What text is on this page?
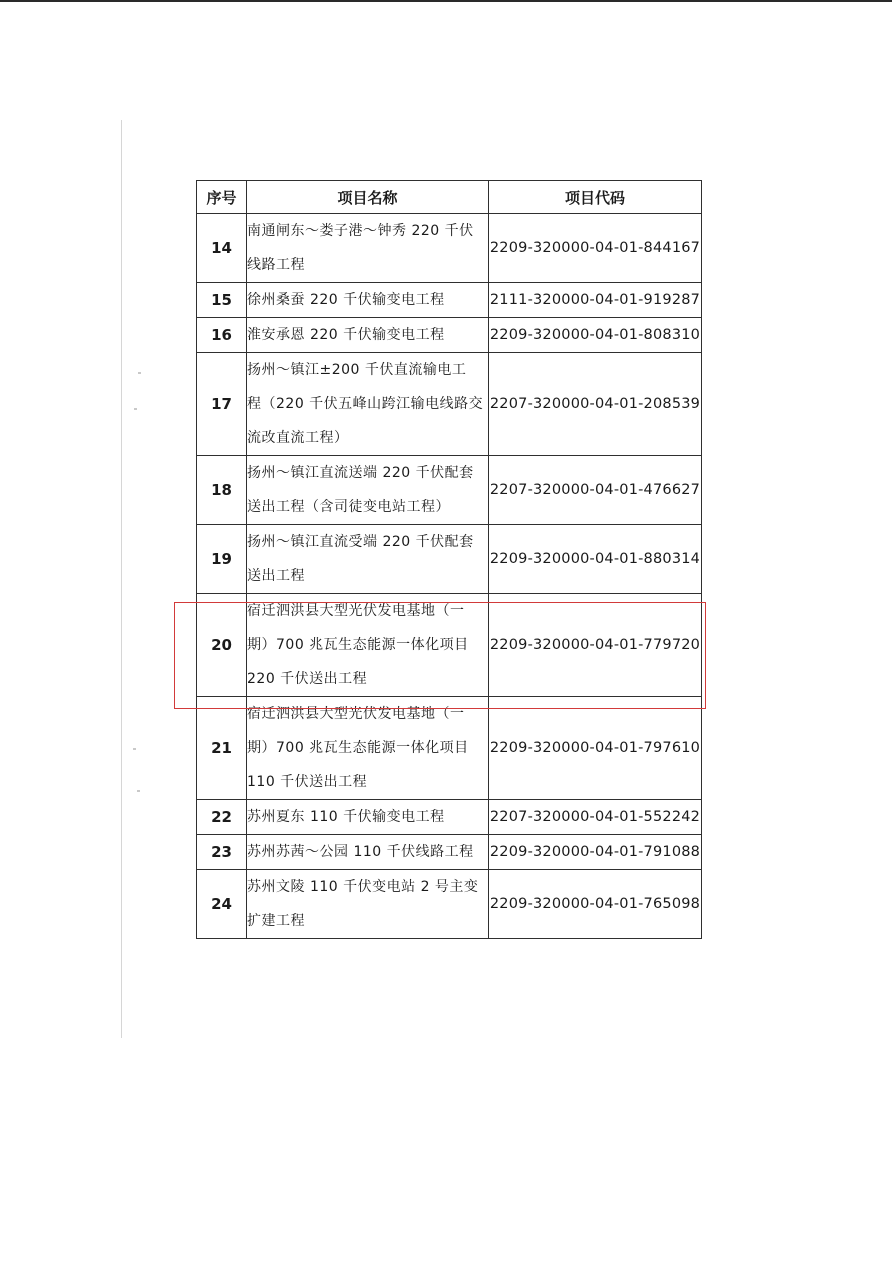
序号	项目名称	项目代码
14	南通闸东～娄子港～钟秀 220 千伏
线路工程	2209-320000-04-01-844167
15	徐州桑蚕 220 千伏输变电工程	2111-320000-04-01-919287
16	淮安承恩 220 千伏输变电工程	2209-320000-04-01-808310
17	扬州～镇江±200 千伏直流输电工
程（220 千伏五峰山跨江输电线路交
流改直流工程）	2207-320000-04-01-208539
18	扬州～镇江直流送端 220 千伏配套
送出工程（含司徒变电站工程）	2207-320000-04-01-476627
19	扬州～镇江直流受端 220 千伏配套
送出工程	2209-320000-04-01-880314
20	宿迁泗洪县大型光伏发电基地（一
期）700 兆瓦生态能源一体化项目
220 千伏送出工程	2209-320000-04-01-779720
21	宿迁泗洪县大型光伏发电基地（一
期）700 兆瓦生态能源一体化项目
110 千伏送出工程	2209-320000-04-01-797610
22	苏州夏东 110 千伏输变电工程	2207-320000-04-01-552242
23	苏州苏茜～公园 110 千伏线路工程	2209-320000-04-01-791088
24	苏州文陵 110 千伏变电站 2 号主变
扩建工程	2209-320000-04-01-765098
